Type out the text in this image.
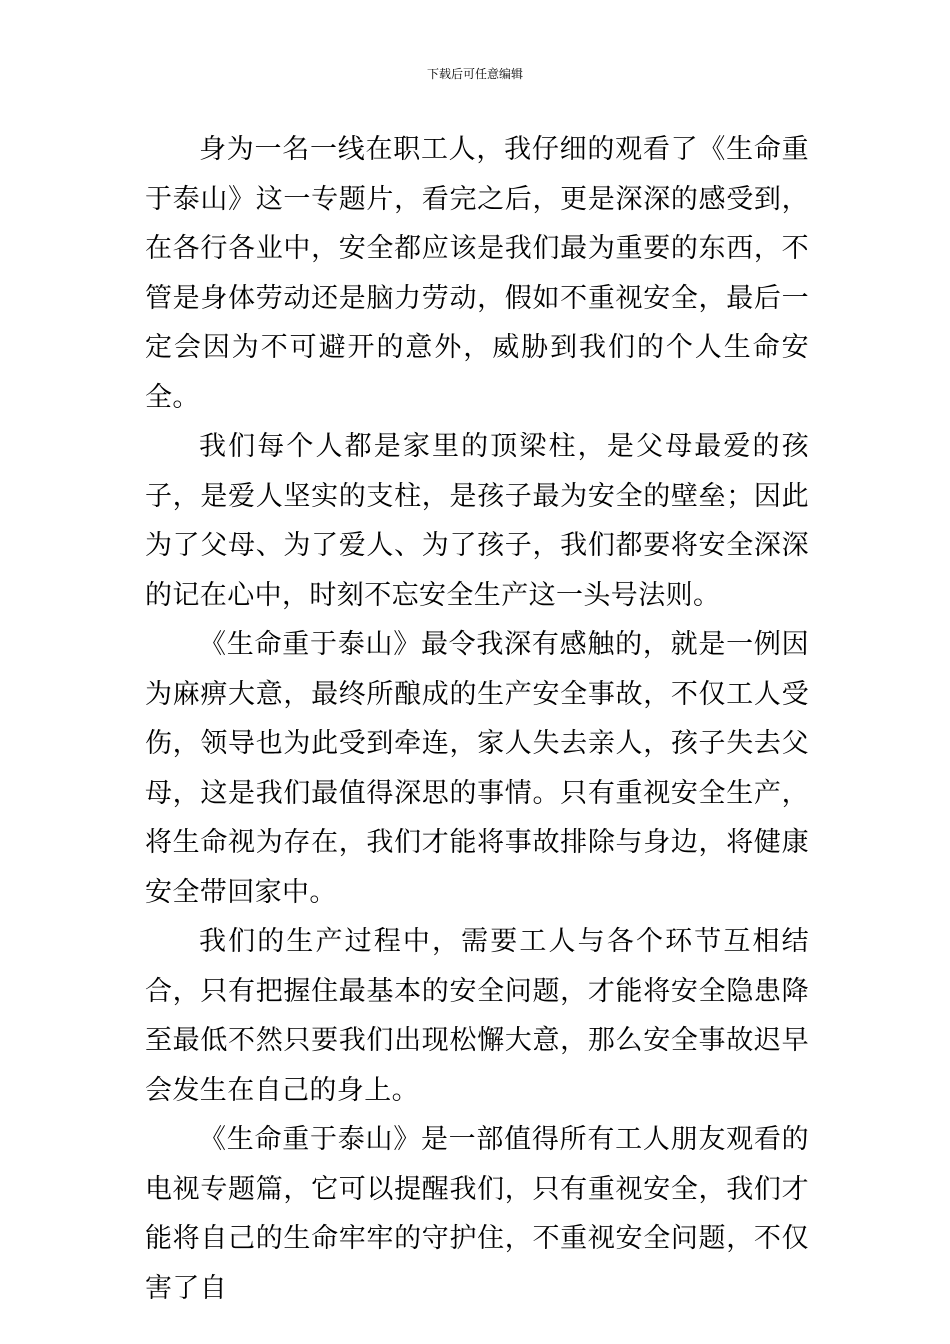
下载后可任意编辑

身为一名一线在职工人，我仔细的观看了《生命重于泰山》这一专题片，看完之后，更是深深的感受到，在各行各业中，安全都应该是我们最为重要的东西，不管是身体劳动还是脑力劳动，假如不重视安全，最后一定会因为不可避开的意外，威胁到我们的个人生命安全。

我们每个人都是家里的顶梁柱，是父母最爱的孩子，是爱人坚实的支柱，是孩子最为安全的壁垒；因此为了父母、为了爱人、为了孩子，我们都要将安全深深的记在心中，时刻不忘安全生产这一头号法则。

《生命重于泰山》最令我深有感触的，就是一例因为麻痹大意，最终所酿成的生产安全事故，不仅工人受伤，领导也为此受到牵连，家人失去亲人，孩子失去父母，这是我们最值得深思的事情。只有重视安全生产，将生命视为存在，我们才能将事故排除与身边，将健康安全带回家中。

我们的生产过程中，需要工人与各个环节互相结合，只有把握住最基本的安全问题，才能将安全隐患降至最低不然只要我们出现松懈大意，那么安全事故迟早会发生在自己的身上。

《生命重于泰山》是一部值得所有工人朋友观看的电视专题篇，它可以提醒我们，只有重视安全，我们才能将自己的生命牢牢的守护住，不重视安全问题，不仅害了自
